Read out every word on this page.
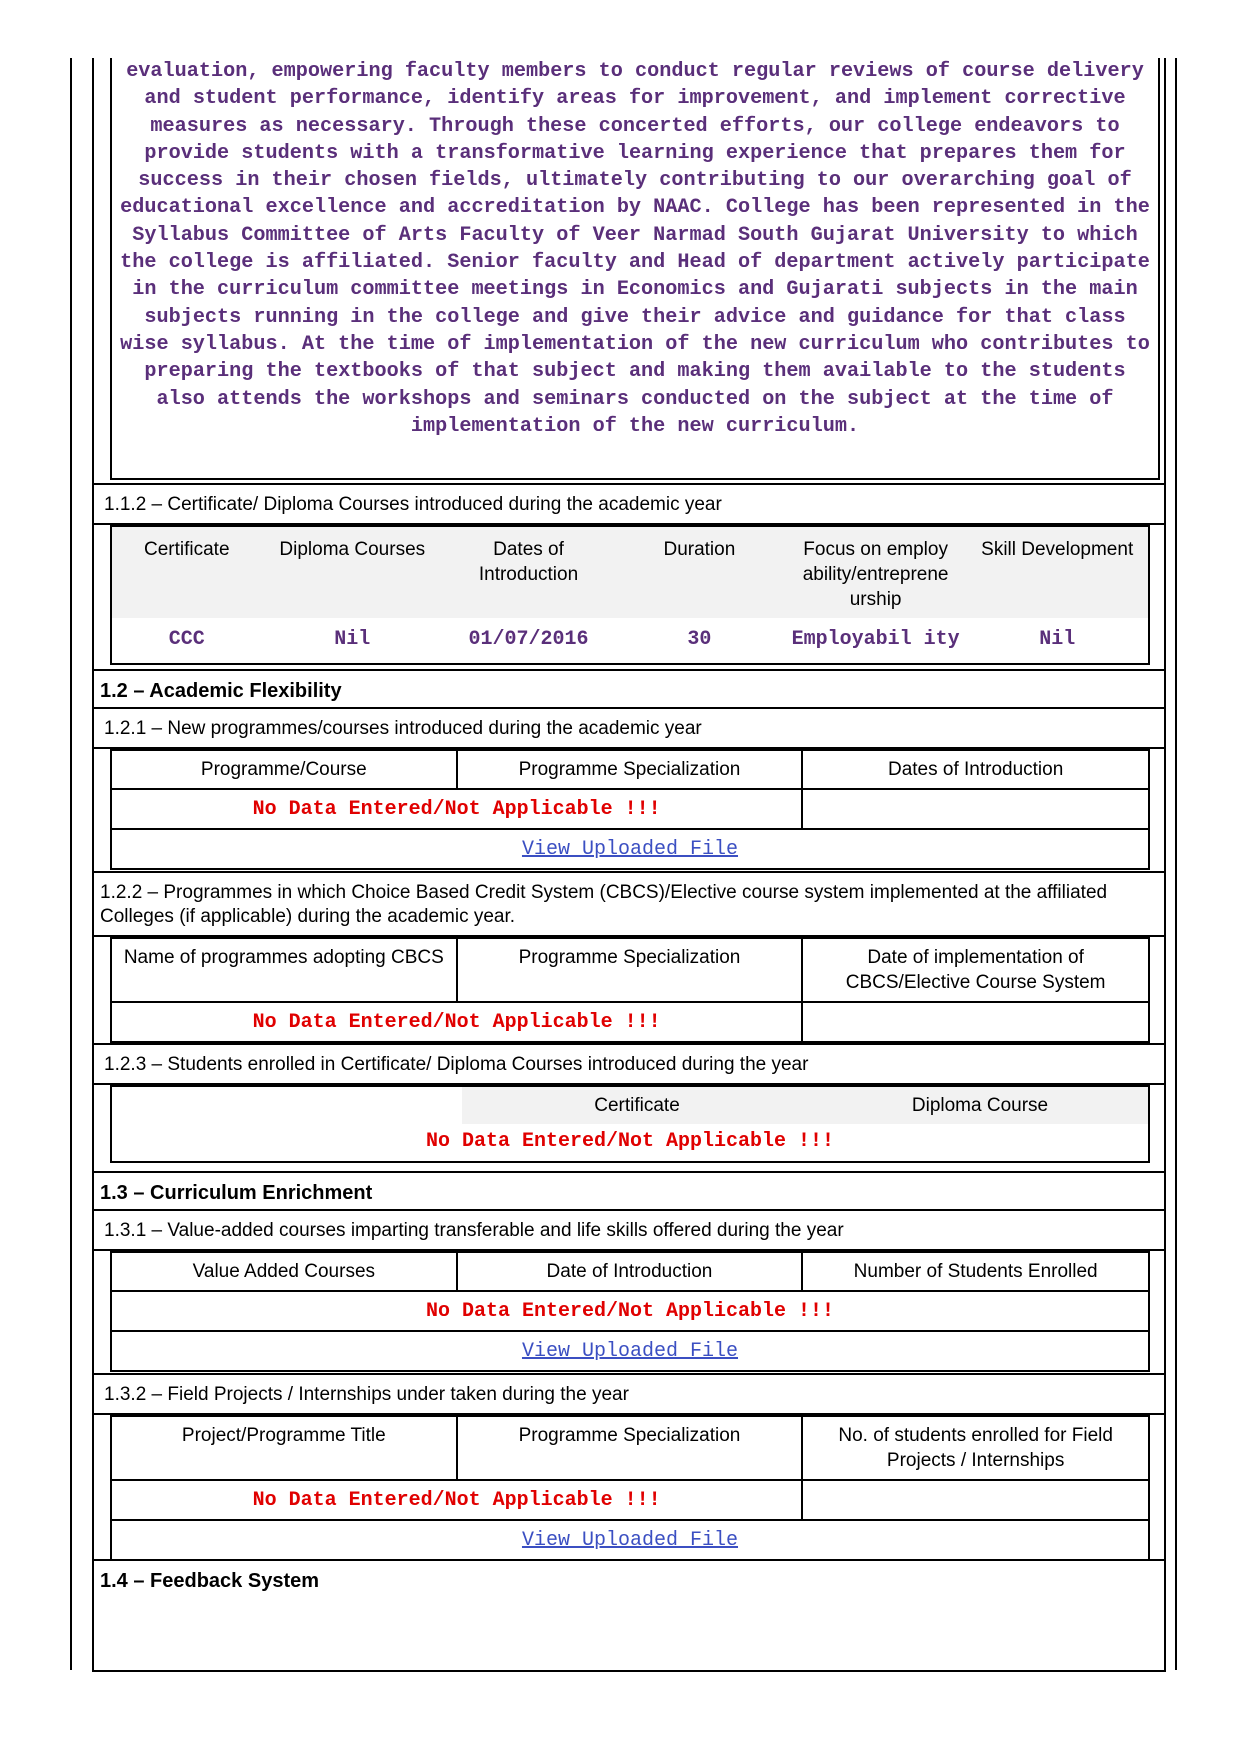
evaluation, empowering faculty members to conduct regular reviews of course delivery and student performance, identify areas for improvement, and implement corrective measures as necessary. Through these concerted efforts, our college endeavors to provide students with a transformative learning experience that prepares them for success in their chosen fields, ultimately contributing to our overarching goal of educational excellence and accreditation by NAAC. College has been represented in the Syllabus Committee of Arts Faculty of Veer Narmad South Gujarat University to which the college is affiliated. Senior faculty and Head of department actively participate in the curriculum committee meetings in Economics and Gujarati subjects in the main subjects running in the college and give their advice and guidance for that class wise syllabus. At the time of implementation of the new curriculum who contributes to preparing the textbooks of that subject and making them available to the students also attends the workshops and seminars conducted on the subject at the time of implementation of the new curriculum.

1.1.2 – Certificate/ Diploma Courses introduced during the academic year
Certificate	Diploma Courses	Dates of Introduction	Duration	Focus on employ ability/entreprene urship	Skill Development
CCC	Nil	01/07/2016	30	Employabil ity	Nil
1.2 – Academic Flexibility
1.2.1 – New programmes/courses introduced during the academic year
Programme/Course	Programme Specialization	Dates of Introduction
No Data Entered/Not Applicable !!!		
View Uploaded File		
1.2.2 – Programmes in which Choice Based Credit System (CBCS)/Elective course system implemented at the affiliated Colleges (if applicable) during the academic year.
Name of programmes adopting CBCS	Programme Specialization	Date of implementation of CBCS/Elective Course System
No Data Entered/Not Applicable !!!		
1.2.3 – Students enrolled in Certificate/ Diploma Courses introduced during the year
Certificate	Diploma Course
No Data Entered/Not Applicable !!!
1.3 – Curriculum Enrichment
1.3.1 – Value-added courses imparting transferable and life skills offered during the year
Value Added Courses	Date of Introduction	Number of Students Enrolled
No Data Entered/Not Applicable !!!
View Uploaded File
1.3.2 – Field Projects / Internships under taken during the year
Project/Programme Title	Programme Specialization	No. of students enrolled for Field Projects / Internships
No Data Entered/Not Applicable !!!		
View Uploaded File		
1.4 – Feedback System
